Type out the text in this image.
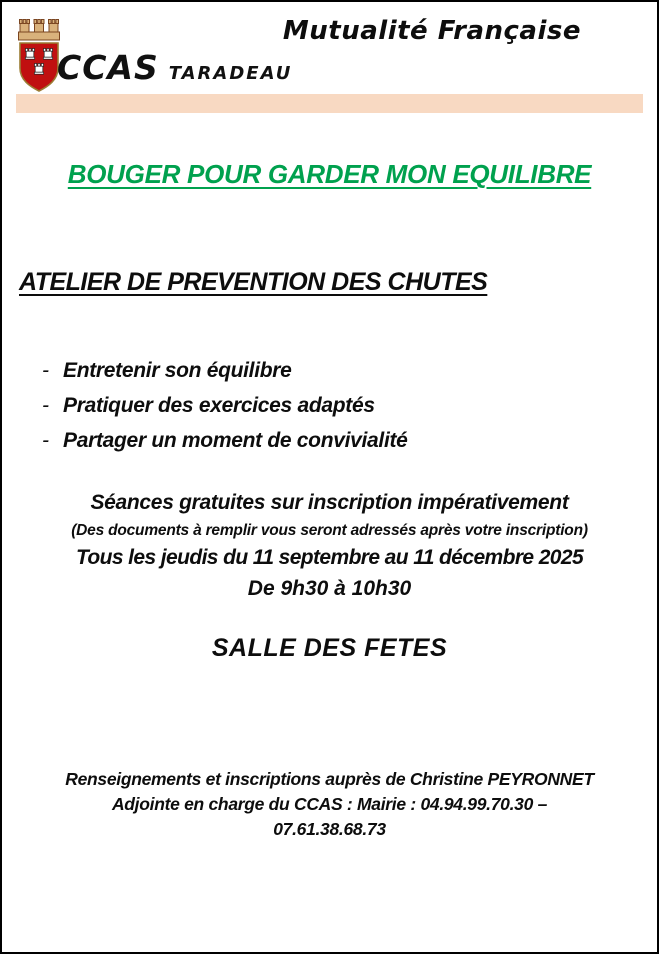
CCAS TARADEAU
Mutualité Française
BOUGER POUR GARDER MON EQUILIBRE
ATELIER DE PREVENTION DES CHUTES
- Entretenir son équilibre
- Pratiquer des exercices adaptés
- Partager un moment de convivialité
Séances gratuites sur inscription impérativement
(Des documents à remplir vous seront adressés après votre inscription)
Tous les jeudis du 11 septembre au 11 décembre 2025
De 9h30 à 10h30
SALLE DES FETES
Renseignements et inscriptions auprès de Christine PEYRONNET
Adjointe en charge du CCAS : Mairie : 04.94.99.70.30 –
07.61.38.68.73
